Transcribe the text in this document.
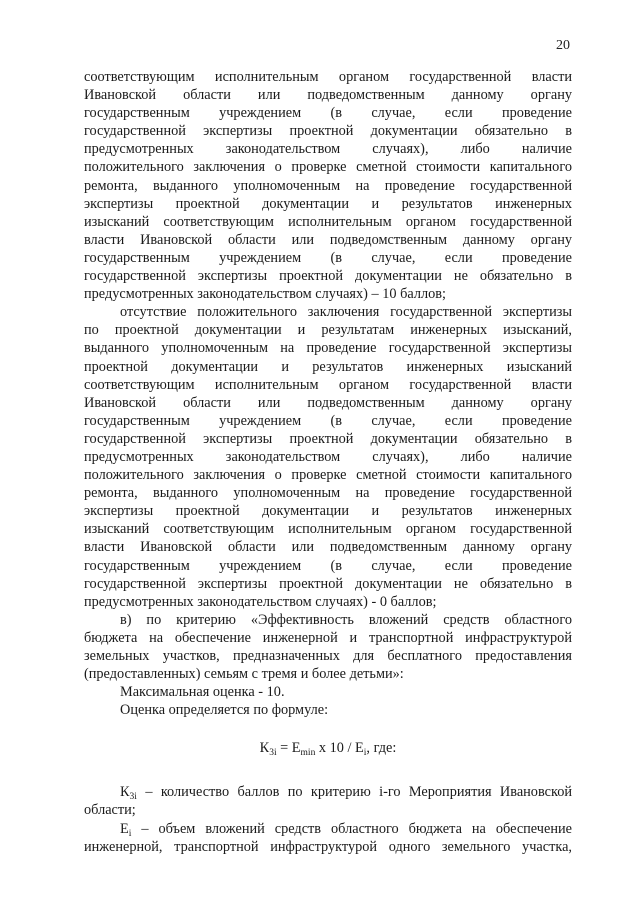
20
соответствующим исполнительным органом государственной власти
Ивановской области или подведомственным данному органу
государственным учреждением (в случае, если проведение
государственной экспертизы проектной документации обязательно в
предусмотренных законодательством случаях), либо наличие
положительного заключения о проверке сметной стоимости капитального
ремонта, выданного уполномоченным на проведение государственной
экспертизы проектной документации и результатов инженерных
изысканий соответствующим исполнительным органом государственной
власти Ивановской области или подведомственным данному органу
государственным учреждением (в случае, если проведение
государственной экспертизы проектной документации не обязательно в
предусмотренных законодательством случаях) – 10 баллов;
отсутствие положительного заключения государственной экспертизы
по проектной документации и результатам инженерных изысканий,
выданного уполномоченным на проведение государственной экспертизы
проектной документации и результатов инженерных изысканий
соответствующим исполнительным органом государственной власти
Ивановской области или подведомственным данному органу
государственным учреждением (в случае, если проведение
государственной экспертизы проектной документации обязательно в
предусмотренных законодательством случаях), либо наличие
положительного заключения о проверке сметной стоимости капитального
ремонта, выданного уполномоченным на проведение государственной
экспертизы проектной документации и результатов инженерных
изысканий соответствующим исполнительным органом государственной
власти Ивановской области или подведомственным данному органу
государственным учреждением (в случае, если проведение
государственной экспертизы проектной документации не обязательно в
предусмотренных законодательством случаях) - 0 баллов;
в) по критерию «Эффективность вложений средств областного
бюджета на обеспечение инженерной и транспортной инфраструктурой
земельных участков, предназначенных для бесплатного предоставления
(предоставленных) семьям с тремя и более детьми»:
Максимальная оценка - 10.
Оценка определяется по формуле:
$К_{3i} = E_{min}$ x $10 / E_i$, где:
$К_{3i}$ – количество баллов по критерию i-го Мероприятия Ивановской
области;
$E_i$ – объем вложений средств областного бюджета на обеспечение
инженерной, транспортной инфраструктурой одного земельного участка,
